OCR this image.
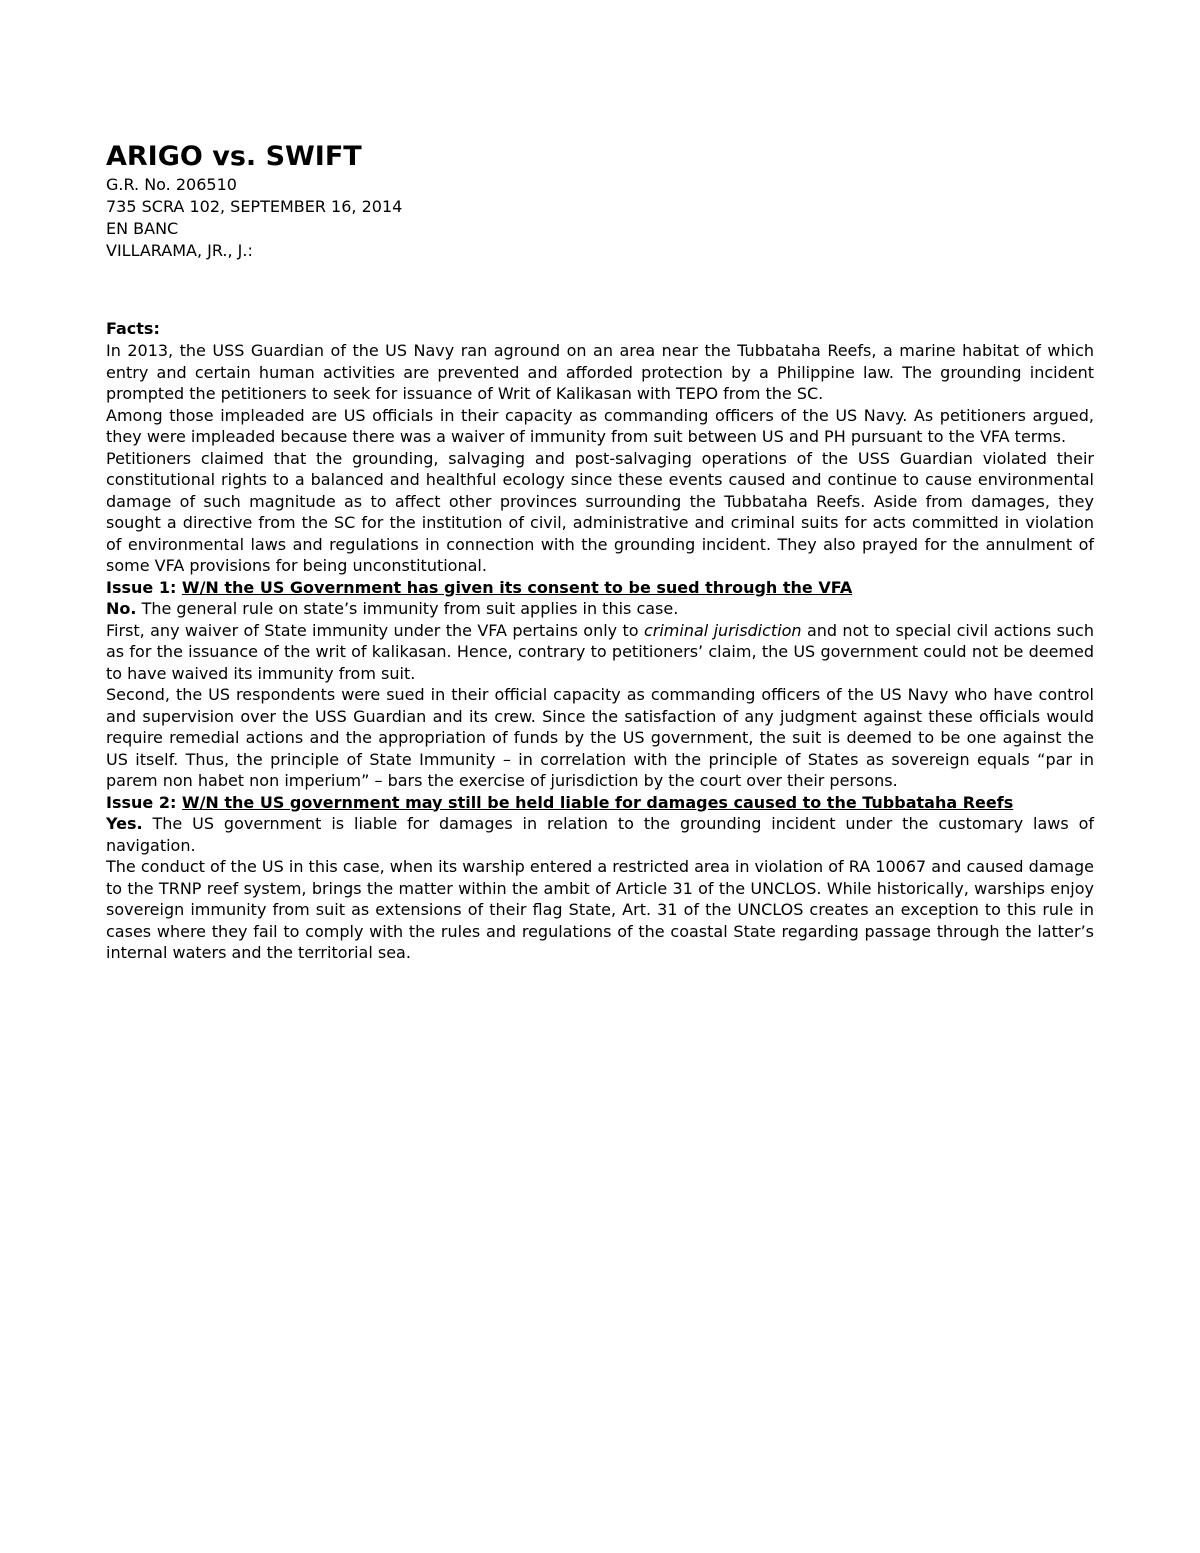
ARIGO vs. SWIFT
G.R. No. 206510
735 SCRA 102, SEPTEMBER 16, 2014
EN BANC
VILLARAMA, JR., J.:
Facts:

In 2013, the USS Guardian of the US Navy ran aground on an area near the Tubbataha Reefs, a marine habitat of which entry and certain human activities are prevented and afforded protection by a Philippine law. The grounding incident prompted the petitioners to seek for issuance of Writ of Kalikasan with TEPO from the SC.

Among those impleaded are US officials in their capacity as commanding officers of the US Navy. As petitioners argued, they were impleaded because there was a waiver of immunity from suit between US and PH pursuant to the VFA terms.

Petitioners claimed that the grounding, salvaging and post-salvaging operations of the USS Guardian violated their constitutional rights to a balanced and healthful ecology since these events caused and continue to cause environmental damage of such magnitude as to affect other provinces surrounding the Tubbataha Reefs. Aside from damages, they sought a directive from the SC for the institution of civil, administrative and criminal suits for acts committed in violation of environmental laws and regulations in connection with the grounding incident. They also prayed for the annulment of some VFA provisions for being unconstitutional.

Issue 1: W/N the US Government has given its consent to be sued through the VFA

No. The general rule on state’s immunity from suit applies in this case.

First, any waiver of State immunity under the VFA pertains only to criminal jurisdiction and not to special civil actions such as for the issuance of the writ of kalikasan. Hence, contrary to petitioners’ claim, the US government could not be deemed to have waived its immunity from suit.

Second, the US respondents were sued in their official capacity as commanding officers of the US Navy who have control and supervision over the USS Guardian and its crew. Since the satisfaction of any judgment against these officials would require remedial actions and the appropriation of funds by the US government, the suit is deemed to be one against the US itself. Thus, the principle of State Immunity – in correlation with the principle of States as sovereign equals “par in parem non habet non imperium” – bars the exercise of jurisdiction by the court over their persons.

Issue 2: W/N the US government may still be held liable for damages caused to the Tubbataha Reefs

Yes. The US government is liable for damages in relation to the grounding incident under the customary laws of navigation.

The conduct of the US in this case, when its warship entered a restricted area in violation of RA 10067 and caused damage to the TRNP reef system, brings the matter within the ambit of Article 31 of the UNCLOS. While historically, warships enjoy sovereign immunity from suit as extensions of their flag State, Art. 31 of the UNCLOS creates an exception to this rule in cases where they fail to comply with the rules and regulations of the coastal State regarding passage through the latter’s internal waters and the territorial sea.
